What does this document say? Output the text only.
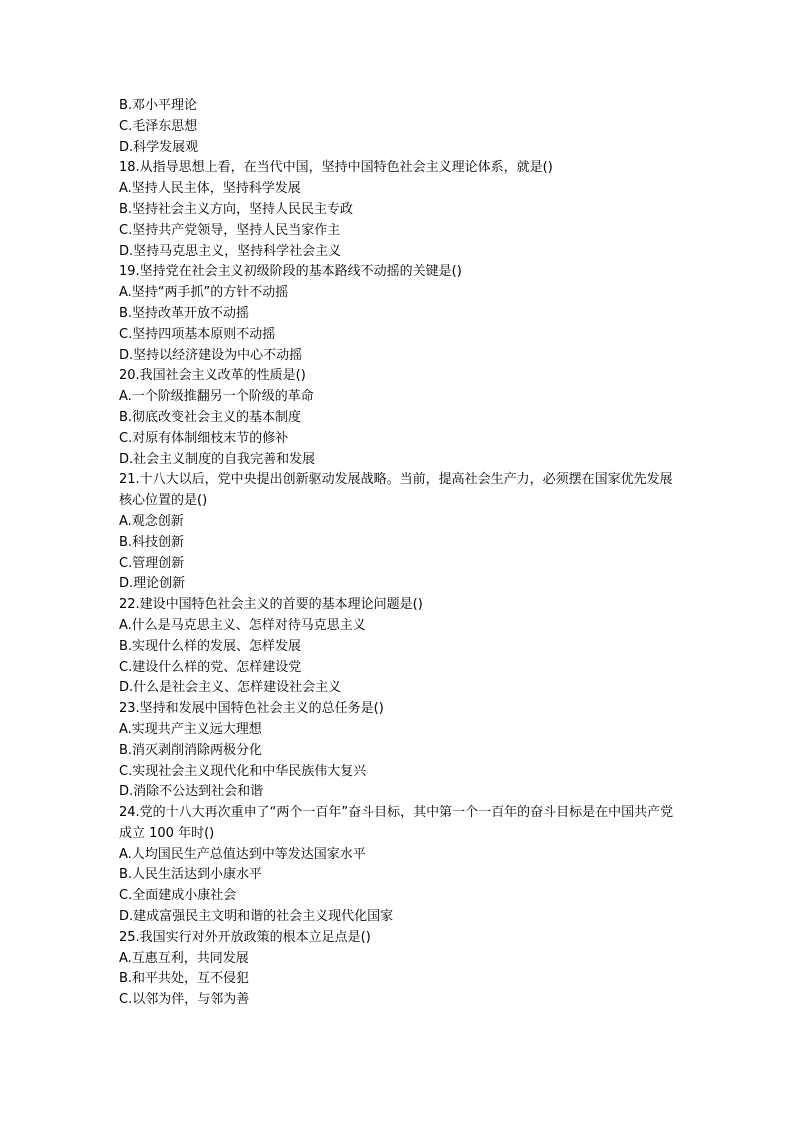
B.邓小平理论
C.毛泽东思想
D.科学发展观
18.从指导思想上看，在当代中国，坚持中国特色社会主义理论体系，就是()
A.坚持人民主体，坚持科学发展
B.坚持社会主义方向，坚持人民民主专政
C.坚持共产党领导，坚持人民当家作主
D.坚持马克思主义，坚持科学社会主义
19.坚持党在社会主义初级阶段的基本路线不动摇的关键是()
A.坚持“两手抓”的方针不动摇
B.坚持改革开放不动摇
C.坚持四项基本原则不动摇
D.坚持以经济建设为中心不动摇
20.我国社会主义改革的性质是()
A.一个阶级推翻另一个阶级的革命
B.彻底改变社会主义的基本制度
C.对原有体制细枝末节的修补
D.社会主义制度的自我完善和发展
21.十八大以后，党中央提出创新驱动发展战略。当前，提高社会生产力，必须摆在国家优先发展核心位置的是()
A.观念创新
B.科技创新
C.管理创新
D.理论创新
22.建设中国特色社会主义的首要的基本理论问题是()
A.什么是马克思主义、怎样对待马克思主义
B.实现什么样的发展、怎样发展
C.建设什么样的党、怎样建设党
D.什么是社会主义、怎样建设社会主义
23.坚持和发展中国特色社会主义的总任务是()
A.实现共产主义远大理想
B.消灭剥削消除两极分化
C.实现社会主义现代化和中华民族伟大复兴
D.消除不公达到社会和谐
24.党的十八大再次重申了“两个一百年”奋斗目标，其中第一个一百年的奋斗目标是在中国共产党成立 100 年时()
A.人均国民生产总值达到中等发达国家水平
B.人民生活达到小康水平
C.全面建成小康社会
D.建成富强民主文明和谐的社会主义现代化国家
25.我国实行对外开放政策的根本立足点是()
A.互惠互利，共同发展
B.和平共处，互不侵犯
C.以邻为伴，与邻为善
